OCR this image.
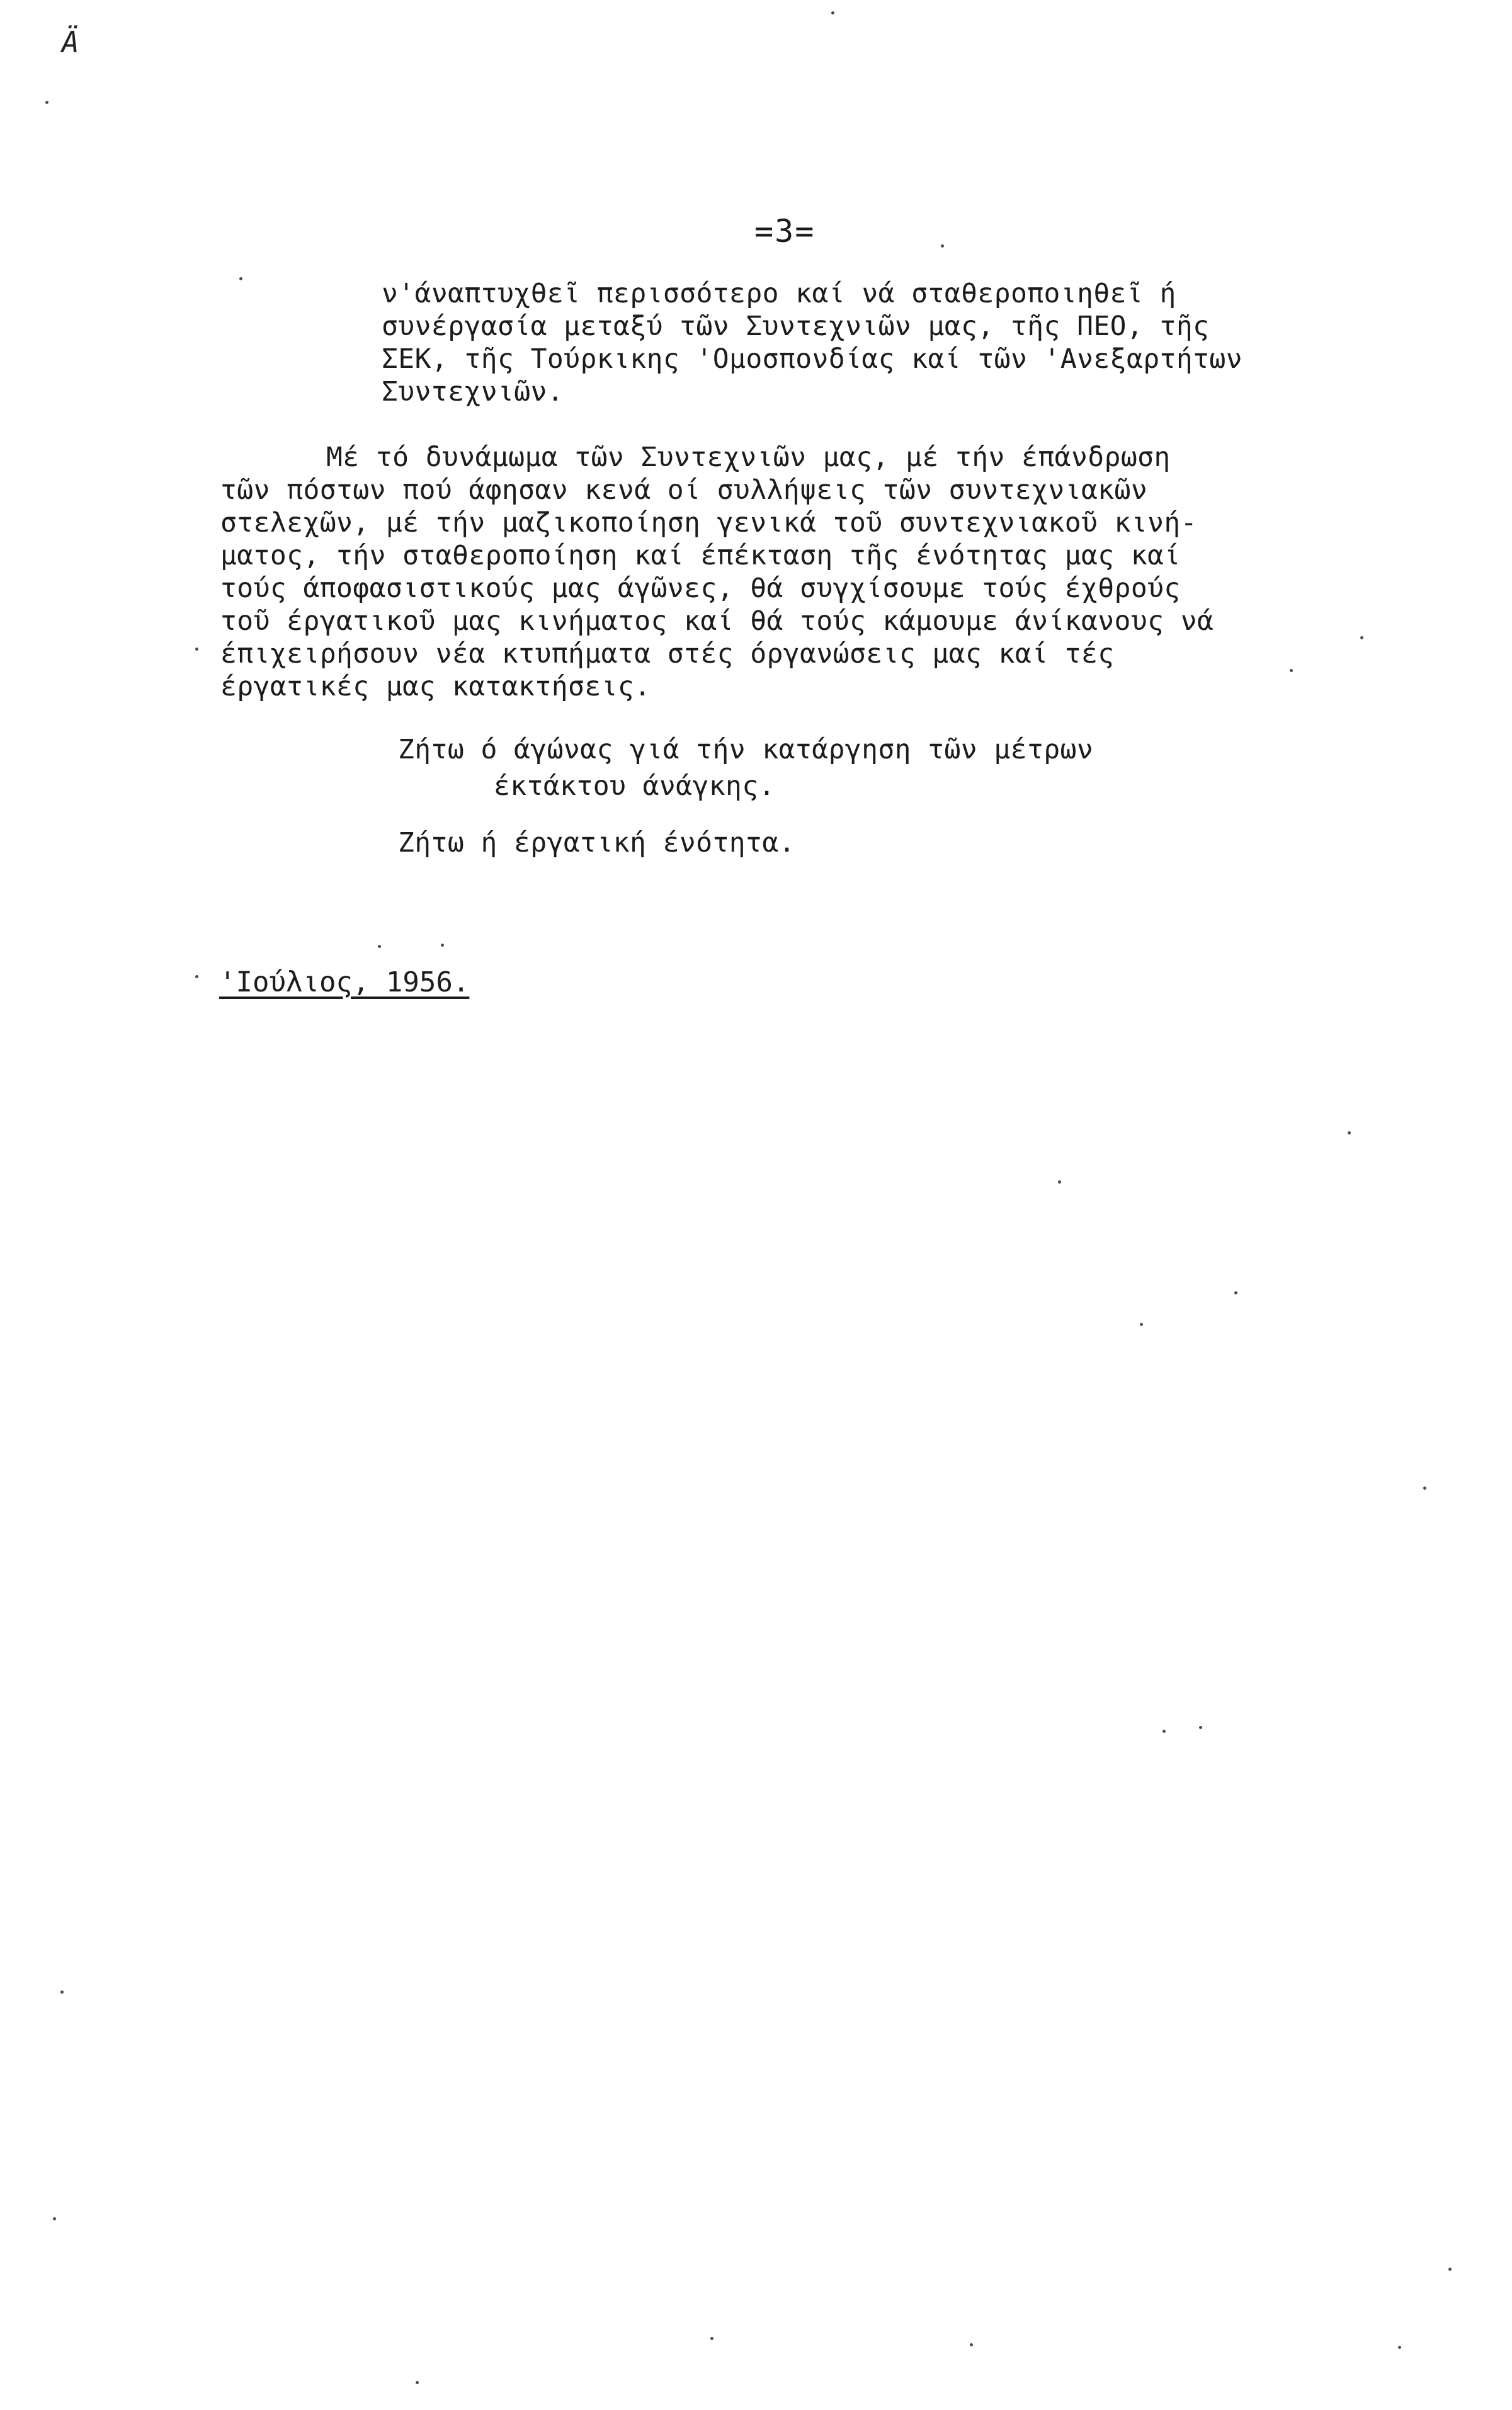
Ä
=3=
ν'άναπτυχθεῖ περισσότερο καί νά σταθεροποιηθεῖ ή
συνέργασία μεταξύ τῶν Συντεχνιῶν μας, τῆς ΠΕΟ, τῆς
ΣΕΚ, τῆς Τούρκικης 'Ομοσπονδίας καί τῶν 'Ανεξαρτήτων
Συντεχνιῶν.
Μέ τό δυνάμωμα τῶν Συντεχνιῶν μας, μέ τήν έπάνδρωση
τῶν πόστων πού άφησαν κενά οί συλλήψεις τῶν συντεχνιακῶν
στελεχῶν, μέ τήν μαζικοποίηση γενικά τοῦ συντεχνιακοῦ κινή-
ματος, τήν σταθεροποίηση καί έπέκταση τῆς ένότητας μας καί
τούς άποφασιστικούς μας άγῶνες, θά συγχίσουμε τούς έχθρούς
τοῦ έργατικοῦ μας κινήματος καί θά τούς κάμουμε άνίκανους νά
έπιχειρήσουν νέα κτυπήματα στές όργανώσεις μας καί τές
έργατικές μας κατακτήσεις.
Ζήτω ό άγώνας γιά τήν κατάργηση τῶν μέτρων
έκτάκτου άνάγκης.
Ζήτω ή έργατική ένότητα.
'Ιούλιος, 1956.
